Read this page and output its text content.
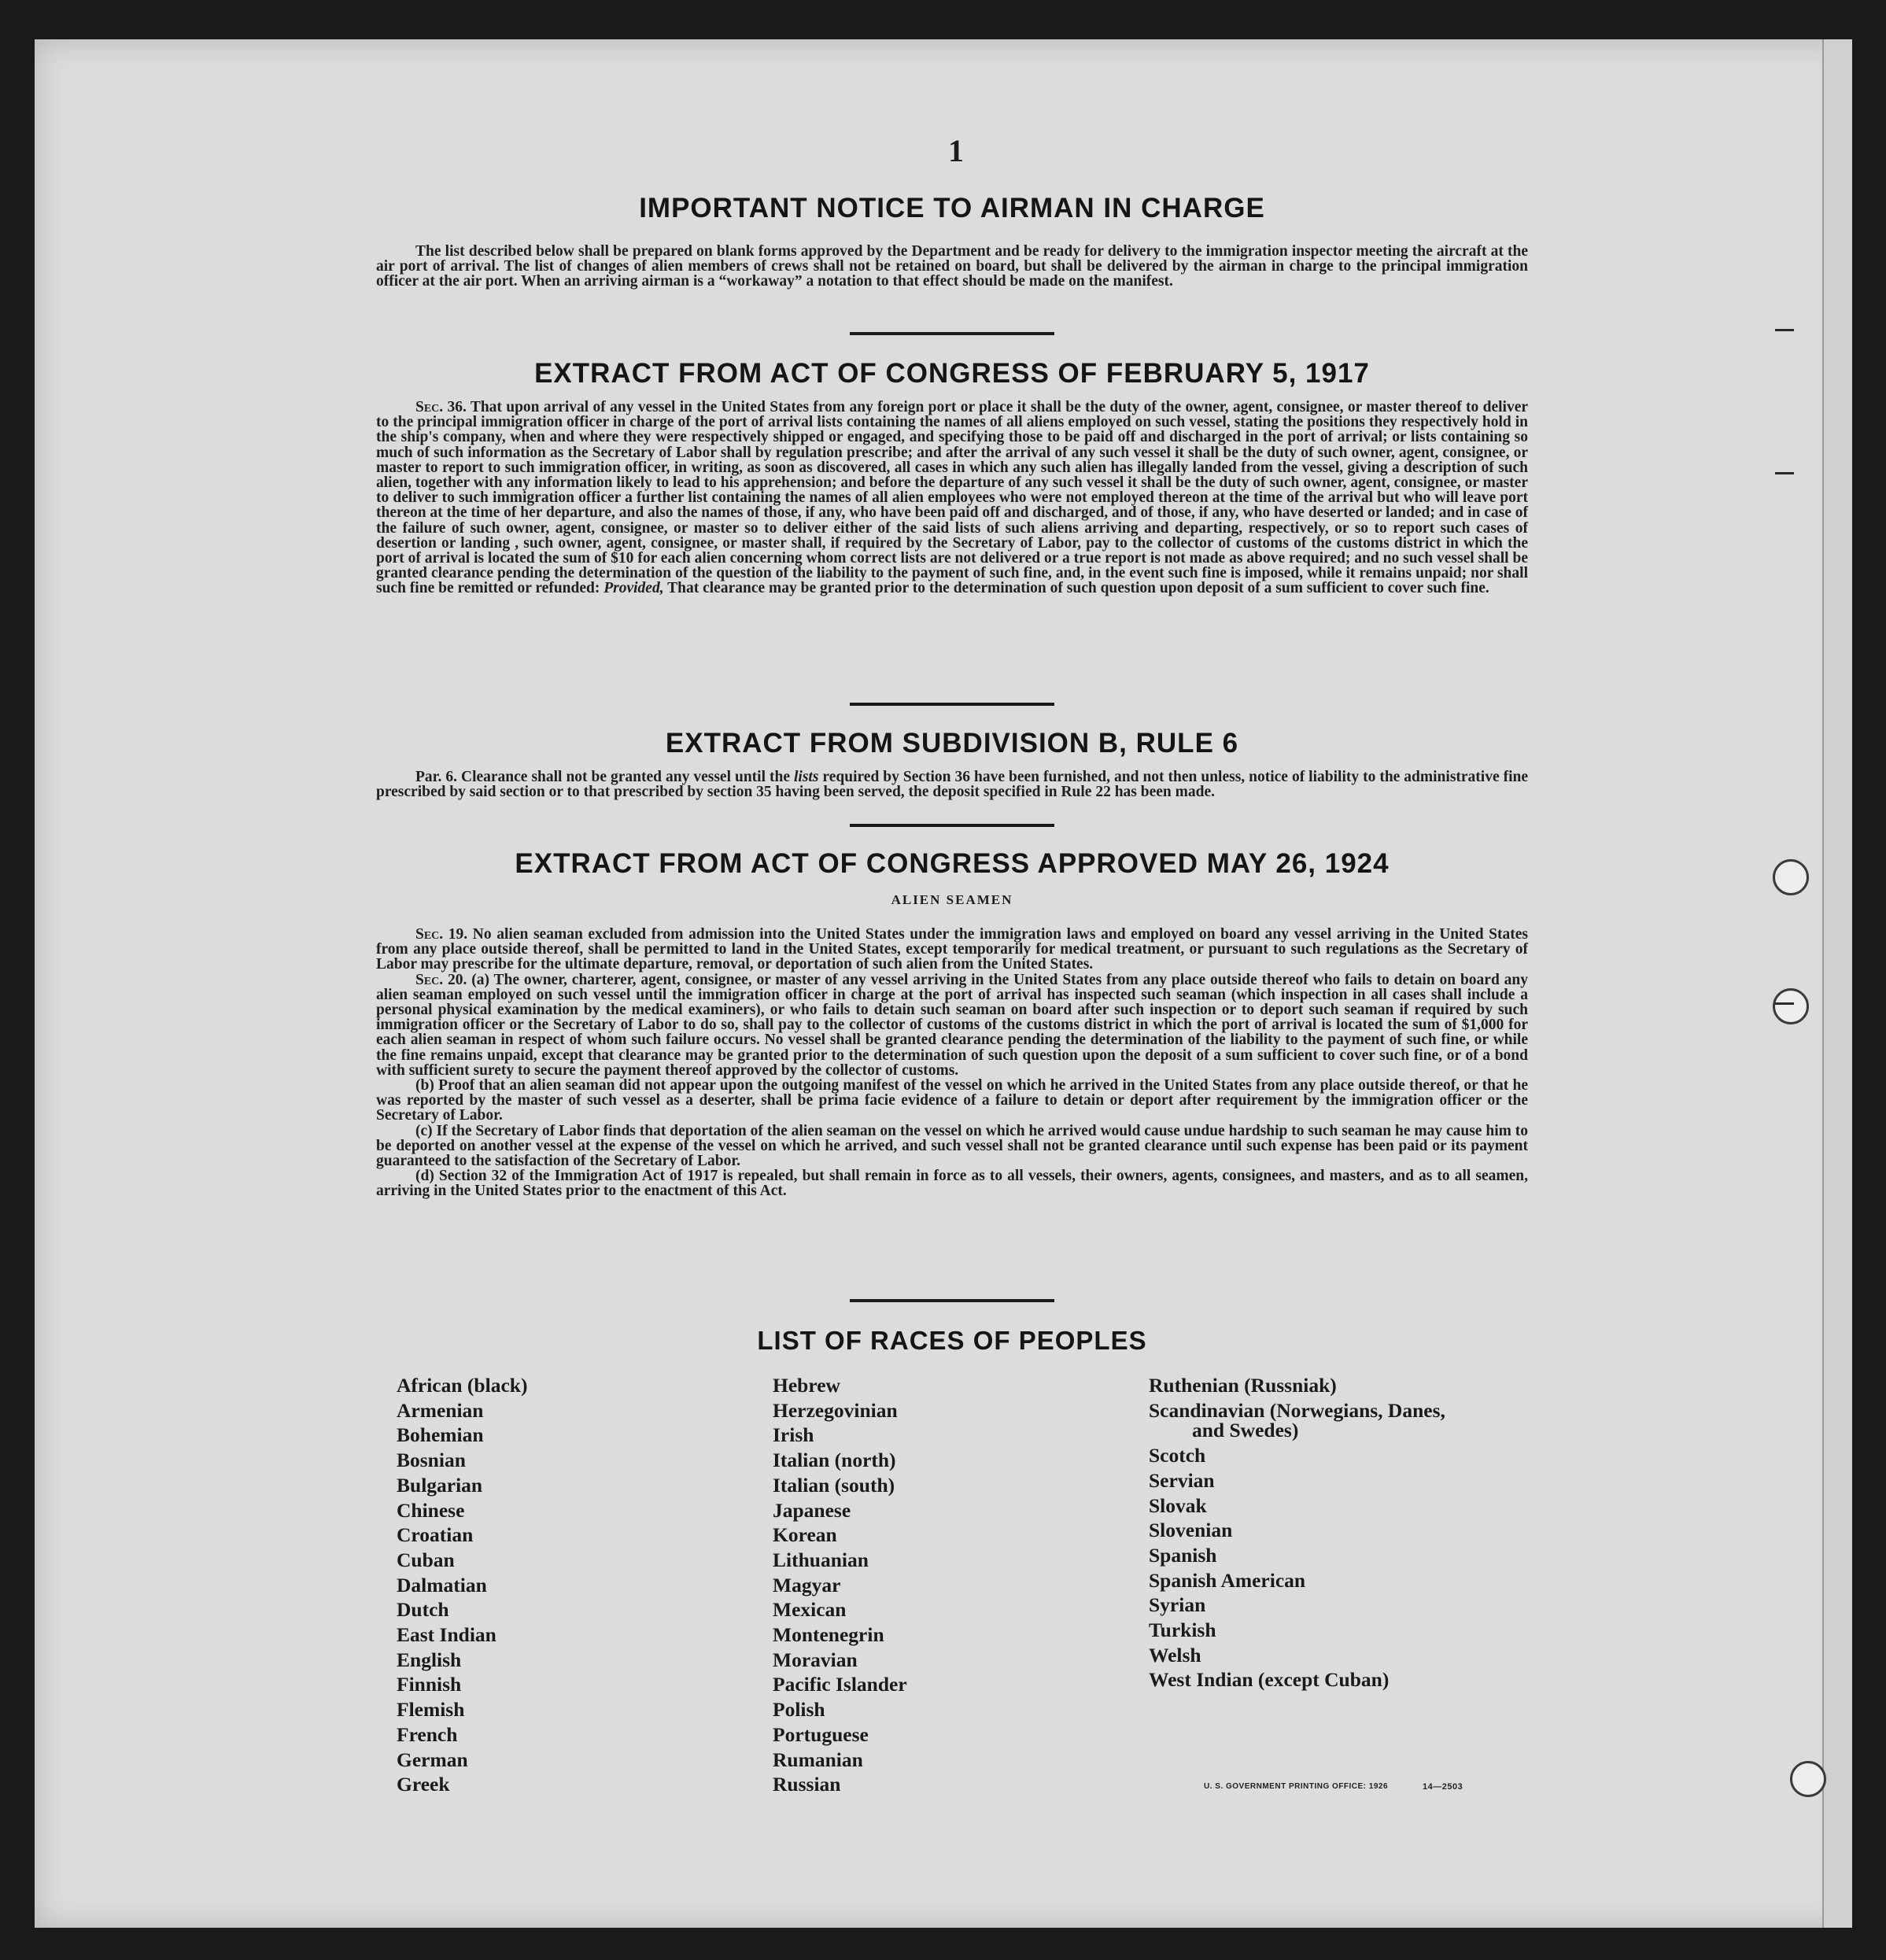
1
IMPORTANT NOTICE TO AIRMAN IN CHARGE

The list described below shall be prepared on blank forms approved by the Department and be ready for delivery to the immigration inspector meeting the aircraft at the air port of arrival. The list of changes of alien members of crews shall not be retained on board, but shall be delivered by the airman in charge to the principal immigration officer at the air port. When an arriving airman is a “workaway” a notation to that effect should be made on the manifest.

EXTRACT FROM ACT OF CONGRESS OF FEBRUARY 5, 1917

Sec. 36. That upon arrival of any vessel in the United States from any foreign port or place it shall be the duty of the owner, agent, consignee, or master thereof to deliver to the principal immigration officer in charge of the port of arrival lists containing the names of all aliens employed on such vessel, stating the positions they respectively hold in the ship's company, when and where they were respectively shipped or engaged, and specifying those to be paid off and discharged in the port of arrival; or lists containing so much of such information as the Secretary of Labor shall by regulation prescribe; and after the arrival of any such vessel it shall be the duty of such owner, agent, consignee, or master to report to such immigration officer, in writing, as soon as discovered, all cases in which any such alien has illegally landed from the vessel, giving a description of such alien, together with any information likely to lead to his apprehension; and before the departure of any such vessel it shall be the duty of such owner, agent, consignee, or master to deliver to such immigration officer a further list containing the names of all alien employees who were not employed thereon at the time of the arrival but who will leave port thereon at the time of her departure, and also the names of those, if any, who have been paid off and discharged, and of those, if any, who have deserted or landed; and in case of the failure of such owner, agent, consignee, or master so to deliver either of the said lists of such aliens arriving and departing, respectively, or so to report such cases of desertion or landing , such owner, agent, consignee, or master shall, if required by the Secretary of Labor, pay to the collector of customs of the customs district in which the port of arrival is located the sum of $10 for each alien concerning whom correct lists are not delivered or a true report is not made as above required; and no such vessel shall be granted clearance pending the determination of the question of the liability to the payment of such fine, and, in the event such fine is imposed, while it remains unpaid; nor shall such fine be remitted or refunded: Provided, That clearance may be granted prior to the determination of such question upon deposit of a sum sufficient to cover such fine.

EXTRACT FROM SUBDIVISION B, RULE 6

Par. 6. Clearance shall not be granted any vessel until the lists required by Section 36 have been furnished, and not then unless, notice of liability to the administrative fine prescribed by said section or to that prescribed by section 35 having been served, the deposit specified in Rule 22 has been made.

EXTRACT FROM ACT OF CONGRESS APPROVED MAY 26, 1924
ALIEN SEAMEN

Sec. 19. No alien seaman excluded from admission into the United States under the immigration laws and employed on board any vessel arriving in the United States from any place outside thereof, shall be permitted to land in the United States, except temporarily for medical treatment, or pursuant to such regulations as the Secretary of Labor may prescribe for the ultimate departure, removal, or deportation of such alien from the United States.

Sec. 20. (a) The owner, charterer, agent, consignee, or master of any vessel arriving in the United States from any place outside thereof who fails to detain on board any alien seaman employed on such vessel until the immigration officer in charge at the port of arrival has inspected such seaman (which inspection in all cases shall include a personal physical examination by the medical examiners), or who fails to detain such seaman on board after such inspection or to deport such seaman if required by such immigration officer or the Secretary of Labor to do so, shall pay to the collector of customs of the customs district in which the port of arrival is located the sum of $1,000 for each alien seaman in respect of whom such failure occurs. No vessel shall be granted clearance pending the determination of the liability to the payment of such fine, or while the fine remains unpaid, except that clearance may be granted prior to the determination of such question upon the deposit of a sum sufficient to cover such fine, or of a bond with sufficient surety to secure the payment thereof approved by the collector of customs.

(b) Proof that an alien seaman did not appear upon the outgoing manifest of the vessel on which he arrived in the United States from any place outside thereof, or that he was reported by the master of such vessel as a deserter, shall be prima facie evidence of a failure to detain or deport after requirement by the immigration officer or the Secretary of Labor.

(c) If the Secretary of Labor finds that deportation of the alien seaman on the vessel on which he arrived would cause undue hardship to such seaman he may cause him to be deported on another vessel at the expense of the vessel on which he arrived, and such vessel shall not be granted clearance until such expense has been paid or its payment guaranteed to the satisfaction of the Secretary of Labor.

(d) Section 32 of the Immigration Act of 1917 is repealed, but shall remain in force as to all vessels, their owners, agents, consignees, and masters, and as to all seamen, arriving in the United States prior to the enactment of this Act.

LIST OF RACES OF PEOPLES
African (black)
Armenian
Bohemian
Bosnian
Bulgarian
Chinese
Croatian
Cuban
Dalmatian
Dutch
East Indian
English
Finnish
Flemish
French
German
Greek
Hebrew
Herzegovinian
Irish
Italian (north)
Italian (south)
Japanese
Korean
Lithuanian
Magyar
Mexican
Montenegrin
Moravian
Pacific Islander
Polish
Portuguese
Rumanian
Russian
Ruthenian (Russniak)
Scandinavian (Norwegians, Danes,
and Swedes)
Scotch
Servian
Slovak
Slovenian
Spanish
Spanish American
Syrian
Turkish
Welsh
West Indian (except Cuban)
U. S. GOVERNMENT PRINTING OFFICE: 1926	14—2503
